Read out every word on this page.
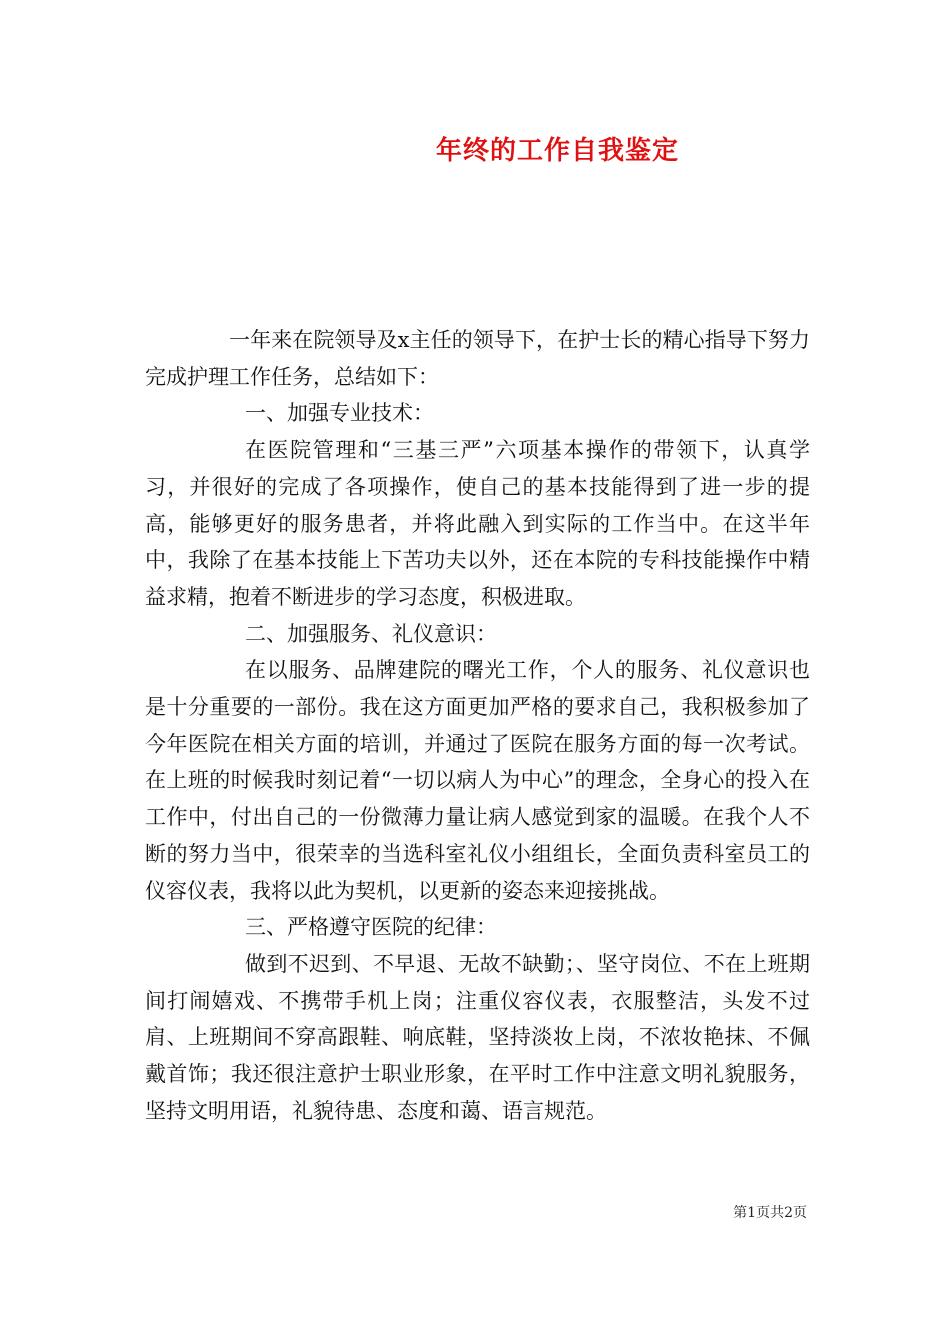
年终的工作自我鉴定

一年来在院领导及x主任的领导下，在护士长的精心指导下努力完成护理工作任务，总结如下：

一、加强专业技术：

在医院管理和“三基三严”六项基本操作的带领下，认真学习，并很好的完成了各项操作，使自己的基本技能得到了进一步的提高，能够更好的服务患者，并将此融入到实际的工作当中。在这半年中，我除了在基本技能上下苦功夫以外，还在本院的专科技能操作中精益求精，抱着不断进步的学习态度，积极进取。

二、加强服务、礼仪意识：

在以服务、品牌建院的曙光工作，个人的服务、礼仪意识也是十分重要的一部份。我在这方面更加严格的要求自己，我积极参加了今年医院在相关方面的培训，并通过了医院在服务方面的每一次考试。在上班的时候我时刻记着“一切以病人为中心”的理念，全身心的投入在工作中，付出自己的一份微薄力量让病人感觉到家的温暖。在我个人不断的努力当中，很荣幸的当选科室礼仪小组组长，全面负责科室员工的仪容仪表，我将以此为契机，以更新的姿态来迎接挑战。

三、严格遵守医院的纪律：

做到不迟到、不早退、无故不缺勤；、坚守岗位、不在上班期间打闹嬉戏、不携带手机上岗；注重仪容仪表，衣服整洁，头发不过肩、上班期间不穿高跟鞋、响底鞋，坚持淡妆上岗，不浓妆艳抹、不佩戴首饰；我还很注意护士职业形象，在平时工作中注意文明礼貌服务，坚持文明用语，礼貌待患、态度和蔼、语言规范。

第1页共2页
